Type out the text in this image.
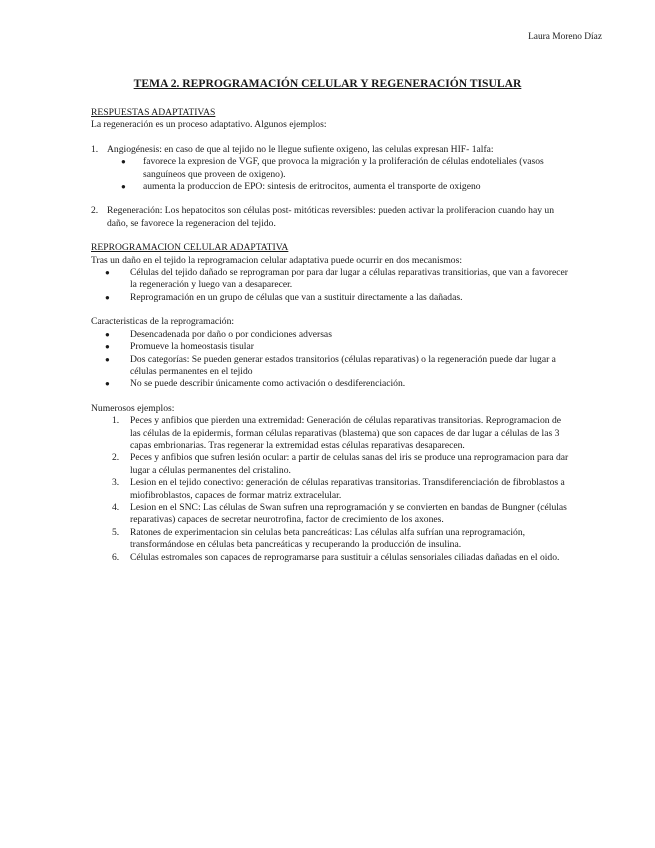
Laura Moreno Díaz
TEMA 2. REPROGRAMACIÓN CELULAR Y REGENERACIÓN TISULAR

RESPUESTAS ADAPTATIVAS

La regeneración es un proceso adaptativo. Algunos ejemplos:

1. Angiogénesis: en caso de que al tejido no le llegue sufiente oxigeno, las celulas expresan HIF- 1alfa:
● favorece la expresion de VGF, que provoca la migración y la proliferación de células endoteliales (vasos sanguíneos que proveen de oxigeno).
● aumenta la produccion de EPO: sintesis de eritrocitos, aumenta el transporte de oxigeno
2. Regeneración: Los hepatocitos son células post- mitóticas reversibles: pueden activar la proliferacion cuando hay un daño, se favorece la regeneracion del tejido.

REPROGRAMACION CELULAR ADAPTATIVA

Tras un daño en el tejido la reprogramacion celular adaptativa puede ocurrir en dos mecanismos:

● Células del tejido dañado se reprograman por para dar lugar a células reparativas transitiorias, que van a favorecer la regeneración y luego van a desaparecer.
● Reprogramación en un grupo de células que van a sustituir directamente a las dañadas.

Caracteristicas de la reprogramación:

● Desencadenada por daño o por condiciones adversas
● Promueve la homeostasis tisular
● Dos categorías: Se pueden generar estados transitorios (células reparativas) o la regeneración puede dar lugar a células permanentes en el tejido
● No se puede describir únicamente como activación o desdiferenciación.

Numerosos ejemplos:

1. Peces y anfibios que pierden una extremidad: Generación de células reparativas transitorias. Reprogramacion de las células de la epidermis, forman células reparativas (blastema) que son capaces de dar lugar a células de las 3 capas embrionarias. Tras regenerar la extremidad estas células reparativas desaparecen.
2. Peces y anfibios que sufren lesión ocular: a partir de celulas sanas del iris se produce una reprogramacion para dar lugar a células permanentes del cristalino.
3. Lesion en el tejido conectivo: generación de células reparativas transitorias. Transdiferenciación de fibroblastos a miofibroblastos, capaces de formar matriz extracelular.
4. Lesion en el SNC: Las células de Swan sufren una reprogramación y se convierten en bandas de Bungner (células reparativas) capaces de secretar neurotrofina, factor de crecimiento de los axones.
5. Ratones de experimentacion sin celulas beta pancreáticas: Las células alfa sufrían una reprogramación, transformándose en células beta pancreáticas y recuperando la producción de insulina.
6. Células estromales son capaces de reprogramarse para sustituir a células sensoriales ciliadas dañadas en el oido.
